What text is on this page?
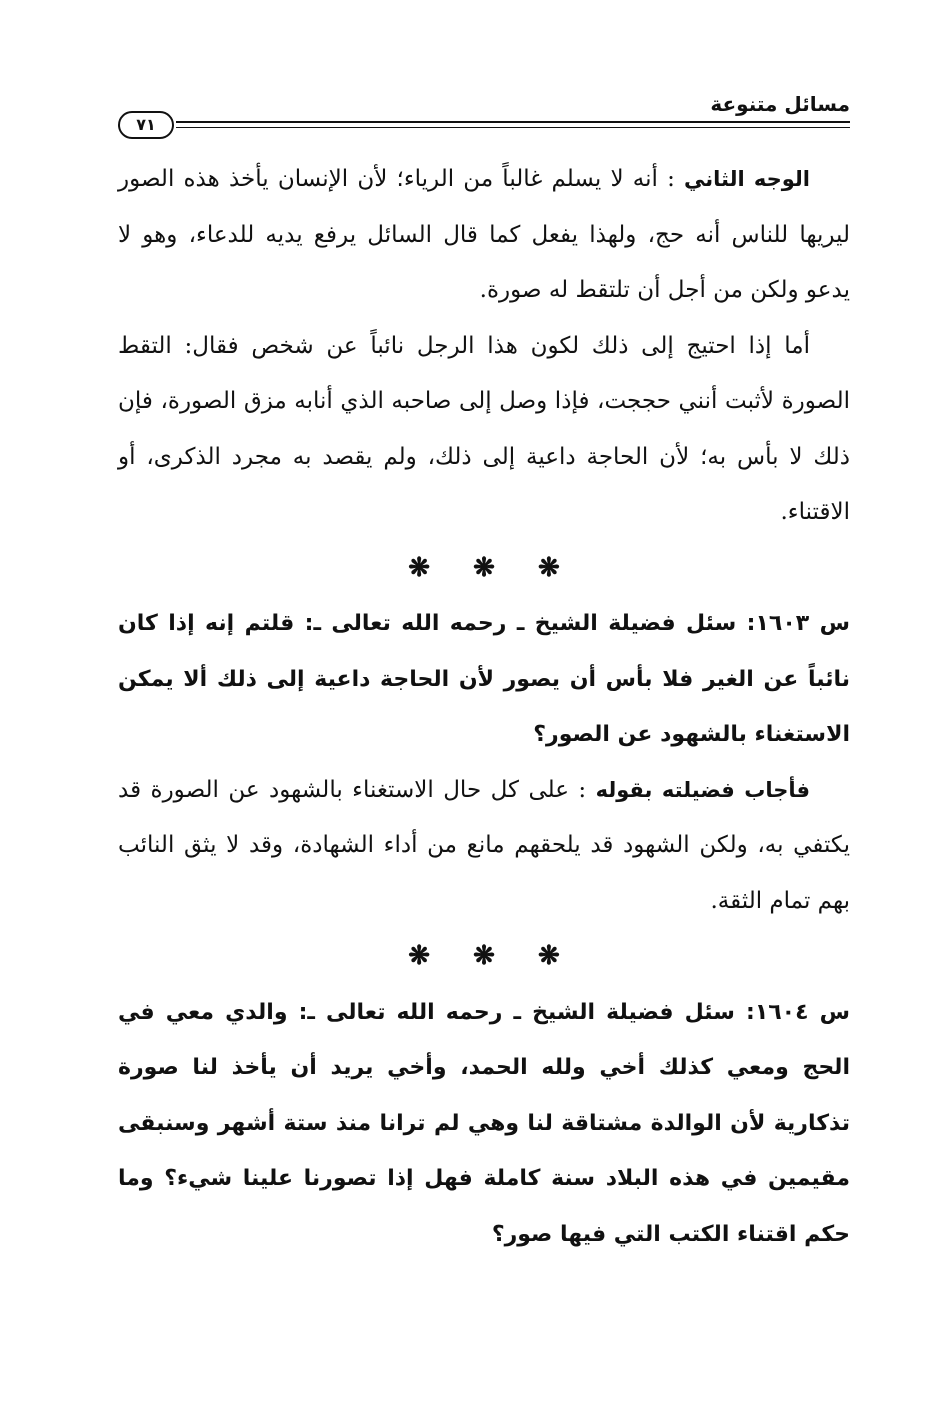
مسائل متنوعة
٧١

الوجه الثاني : أنه لا يسلم غالباً من الرياء؛ لأن الإنسان يأخذ هذه الصور ليريها للناس أنه حج، ولهذا يفعل كما قال السائل يرفع يديه للدعاء، وهو لا يدعو ولكن من أجل أن تلتقط له صورة.

أما إذا احتيج إلى ذلك لكون هذا الرجل نائباً عن شخص فقال: التقط الصورة لأثبت أنني حججت، فإذا وصل إلى صاحبه الذي أنابه مزق الصورة، فإن ذلك لا بأس به؛ لأن الحاجة داعية إلى ذلك، ولم يقصد به مجرد الذكرى، أو الاقتناء.

❋ ❋ ❋

س ١٦٠٣: سئل فضيلة الشيخ ـ رحمه الله تعالى ـ: قلتم إنه إذا كان نائباً عن الغير فلا بأس أن يصور لأن الحاجة داعية إلى ذلك ألا يمكن الاستغناء بالشهود عن الصور؟

فأجاب فضيلته بقوله : على كل حال الاستغناء بالشهود عن الصورة قد يكتفي به، ولكن الشهود قد يلحقهم مانع من أداء الشهادة، وقد لا يثق النائب بهم تمام الثقة.

❋ ❋ ❋

س ١٦٠٤: سئل فضيلة الشيخ ـ رحمه الله تعالى ـ: والدي معي في الحج ومعي كذلك أخي ولله الحمد، وأخي يريد أن يأخذ لنا صورة تذكارية لأن الوالدة مشتاقة لنا وهي لم ترانا منذ ستة أشهر وسنبقى مقيمين في هذه البلاد سنة كاملة فهل إذا تصورنا علينا شيء؟ وما حكم اقتناء الكتب التي فيها صور؟
